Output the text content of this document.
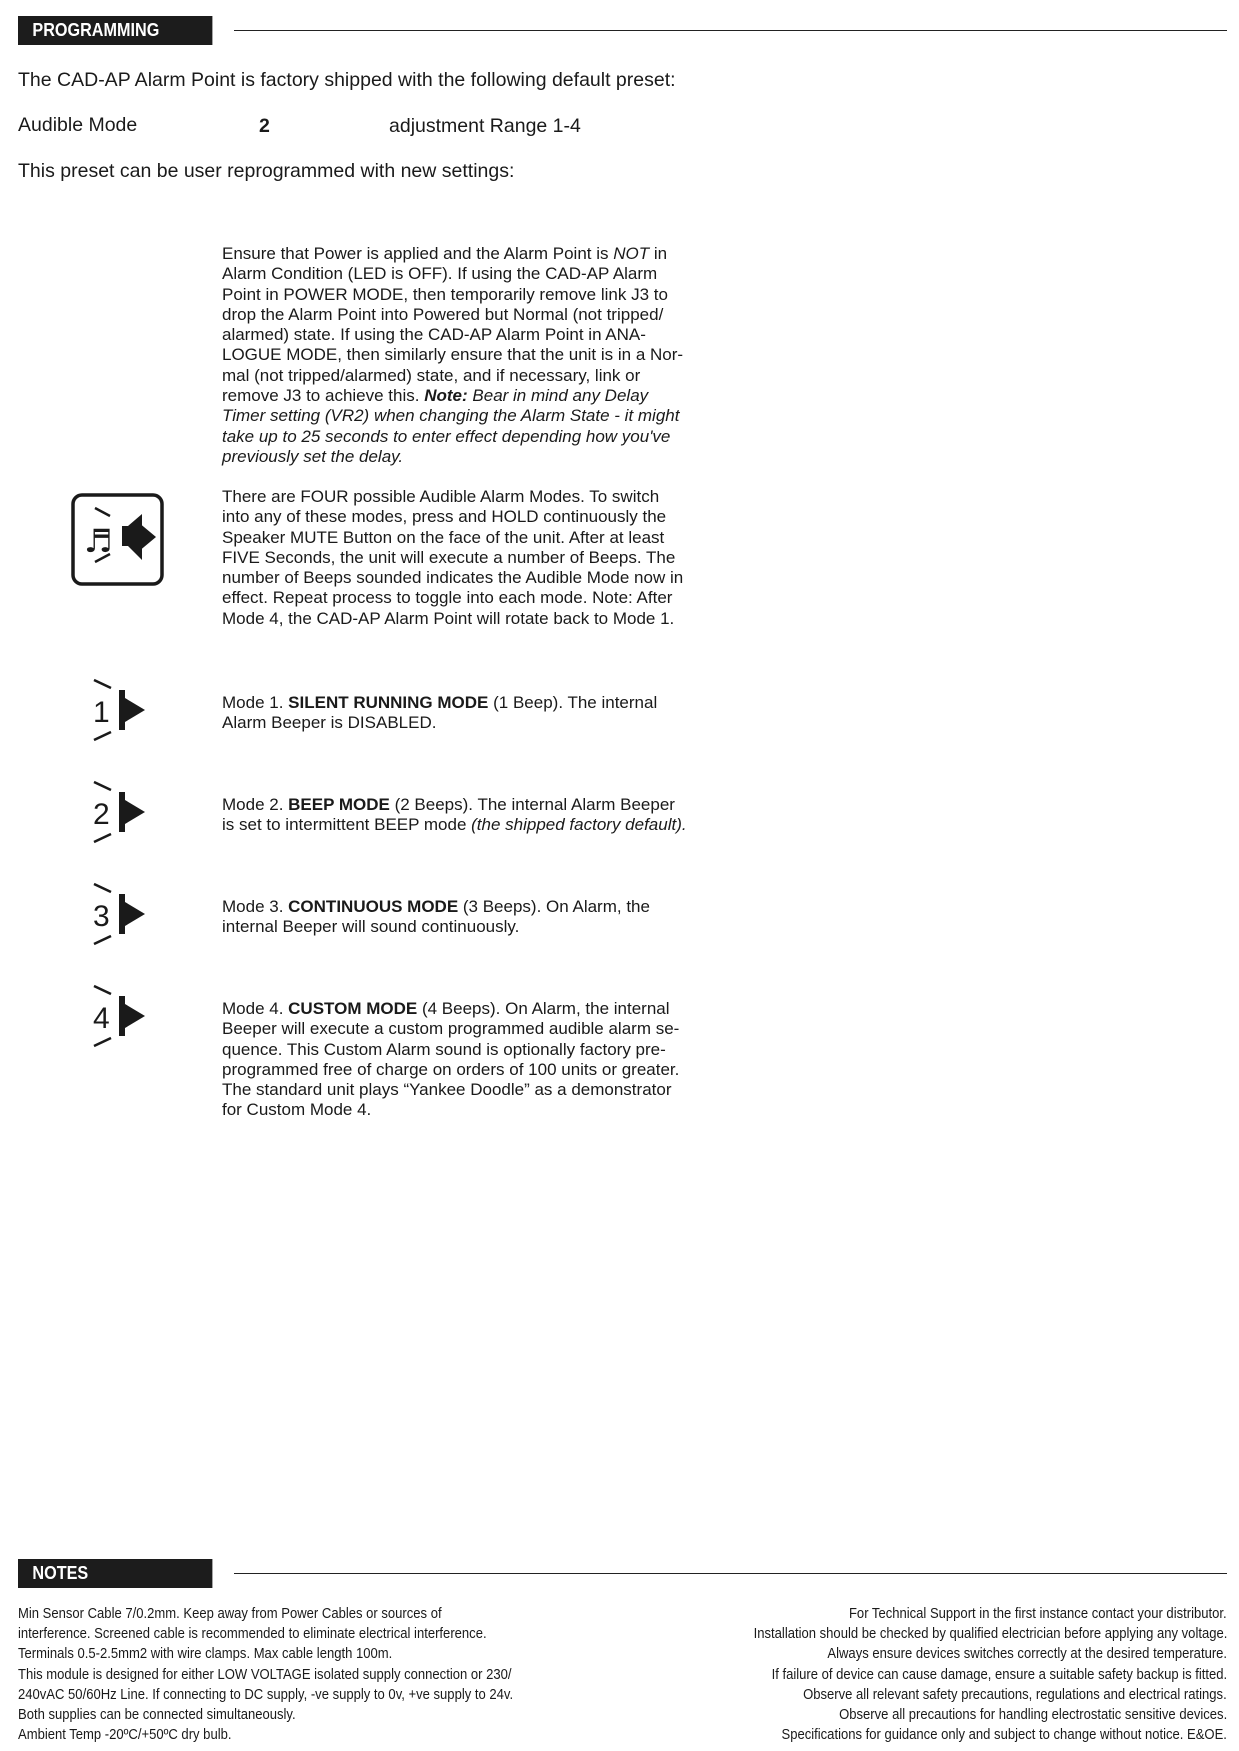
PROGRAMMING
The CAD-AP Alarm Point is factory shipped with the following default preset:
Audible Mode	2	adjustment Range 1-4
This preset can be user reprogrammed with new settings:
Ensure that Power is applied and the Alarm Point is NOT in
Alarm Condition (LED is OFF). If using the CAD-AP Alarm
Point in POWER MODE, then temporarily remove link J3 to
drop the Alarm Point into Powered but Normal (not tripped/
alarmed) state. If using the CAD-AP Alarm Point in ANA-
LOGUE MODE, then similarly ensure that the unit is in a Nor-
mal (not tripped/alarmed) state, and if necessary, link or
remove J3 to achieve this. Note: Bear in mind any Delay
Timer setting (VR2) when changing the Alarm State - it might
take up to 25 seconds to enter effect depending how you've
previously set the delay.
♬
There are FOUR possible Audible Alarm Modes. To switch
into any of these modes, press and HOLD continuously the
Speaker MUTE Button on the face of the unit. After at least
FIVE Seconds, the unit will execute a number of Beeps. The
number of Beeps sounded indicates the Audible Mode now in
effect. Repeat process to toggle into each mode. Note: After
Mode 4, the CAD-AP Alarm Point will rotate back to Mode 1.
1	Mode 1. SILENT RUNNING MODE (1 Beep). The internal
Alarm Beeper is DISABLED.
2	Mode 2. BEEP MODE (2 Beeps). The internal Alarm Beeper
is set to intermittent BEEP mode (the shipped factory default).
3	Mode 3. CONTINUOUS MODE (3 Beeps). On Alarm, the
internal Beeper will sound continuously.
4	Mode 4. CUSTOM MODE (4 Beeps). On Alarm, the internal
Beeper will execute a custom programmed audible alarm se-
quence. This Custom Alarm sound is optionally factory pre-
programmed free of charge on orders of 100 units or greater.
The standard unit plays “Yankee Doodle” as a demonstrator
for Custom Mode 4.
NOTES
Min Sensor Cable 7/0.2mm. Keep away from Power Cables or sources of
interference. Screened cable is recommended to eliminate electrical interference.
Terminals 0.5-2.5mm2 with wire clamps. Max cable length 100m.
This module is designed for either LOW VOLTAGE isolated supply connection or 230/
240vAC 50/60Hz Line. If connecting to DC supply, -ve supply to 0v, +ve supply to 24v.
Both supplies can be connected simultaneously.
Ambient Temp -20ºC/+50ºC dry bulb.
For Technical Support in the first instance contact your distributor.
Installation should be checked by qualified electrician before applying any voltage.
Always ensure devices switches correctly at the desired temperature.
If failure of device can cause damage, ensure a suitable safety backup is fitted.
Observe all relevant safety precautions, regulations and electrical ratings.
Observe all precautions for handling electrostatic sensitive devices.
Specifications for guidance only and subject to change without notice. E&OE.
